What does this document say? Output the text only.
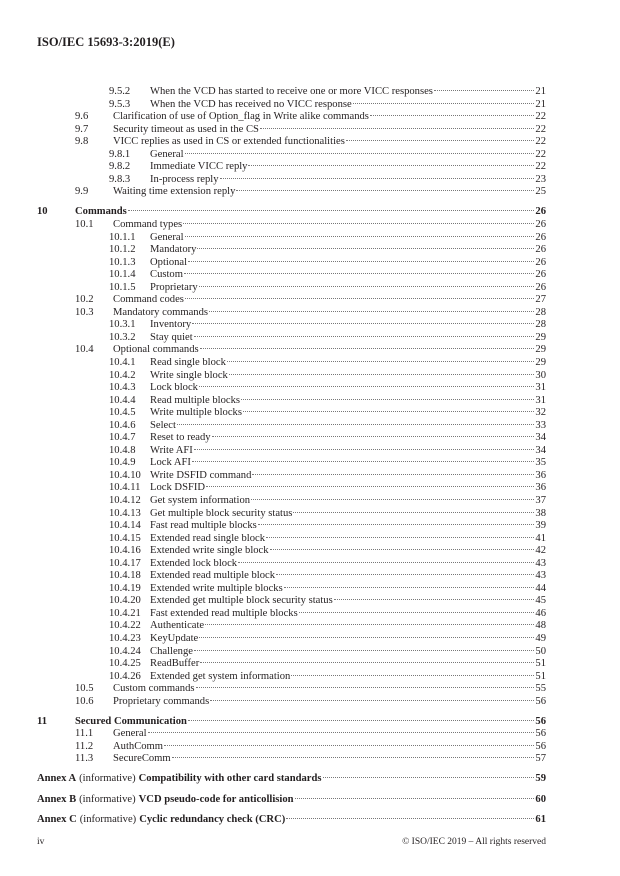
ISO/IEC 15693-3:2019(E)
9.5.2	When the VCD has started to receive one or more VICC responses	21
9.5.3	When the VCD has received no VICC response	21
9.6	Clarification of use of Option_flag in Write alike commands	22
9.7	Security timeout as used in the CS	22
9.8	VICC replies as used in CS or extended functionalities	22
9.8.1	General	22
9.8.2	Immediate VICC reply	22
9.8.3	In-process reply	23
9.9	Waiting time extension reply	25
10	Commands	26
10.1	Command types	26
10.1.1	General	26
10.1.2	Mandatory	26
10.1.3	Optional	26
10.1.4	Custom	26
10.1.5	Proprietary	26
10.2	Command codes	27
10.3	Mandatory commands	28
10.3.1	Inventory	28
10.3.2	Stay quiet	29
10.4	Optional commands	29
10.4.1	Read single block	29
10.4.2	Write single block	30
10.4.3	Lock block	31
10.4.4	Read multiple blocks	31
10.4.5	Write multiple blocks	32
10.4.6	Select	33
10.4.7	Reset to ready	34
10.4.8	Write AFI	34
10.4.9	Lock AFI	35
10.4.10 Write DSFID command	36
10.4.11 Lock DSFID	36
10.4.12 Get system information	37
10.4.13 Get multiple block security status	38
10.4.14 Fast read multiple blocks	39
10.4.15 Extended read single block	41
10.4.16 Extended write single block	42
10.4.17 Extended lock block	43
10.4.18 Extended read multiple block	43
10.4.19 Extended write multiple blocks	44
10.4.20 Extended get multiple block security status	45
10.4.21 Fast extended read multiple blocks	46
10.4.22 Authenticate	48
10.4.23 KeyUpdate	49
10.4.24 Challenge	50
10.4.25 ReadBuffer	51
10.4.26 Extended get system information	51
10.5	Custom commands	55
10.6	Proprietary commands	56
11	Secured Communication	56
11.1	General	56
11.2	AuthComm	56
11.3	SecureComm	57
Annex A (informative) Compatibility with other card standards	59
Annex B (informative) VCD pseudo-code for anticollision	60
Annex C (informative) Cyclic redundancy check (CRC)	61
iv	© ISO/IEC 2019 – All rights reserved
